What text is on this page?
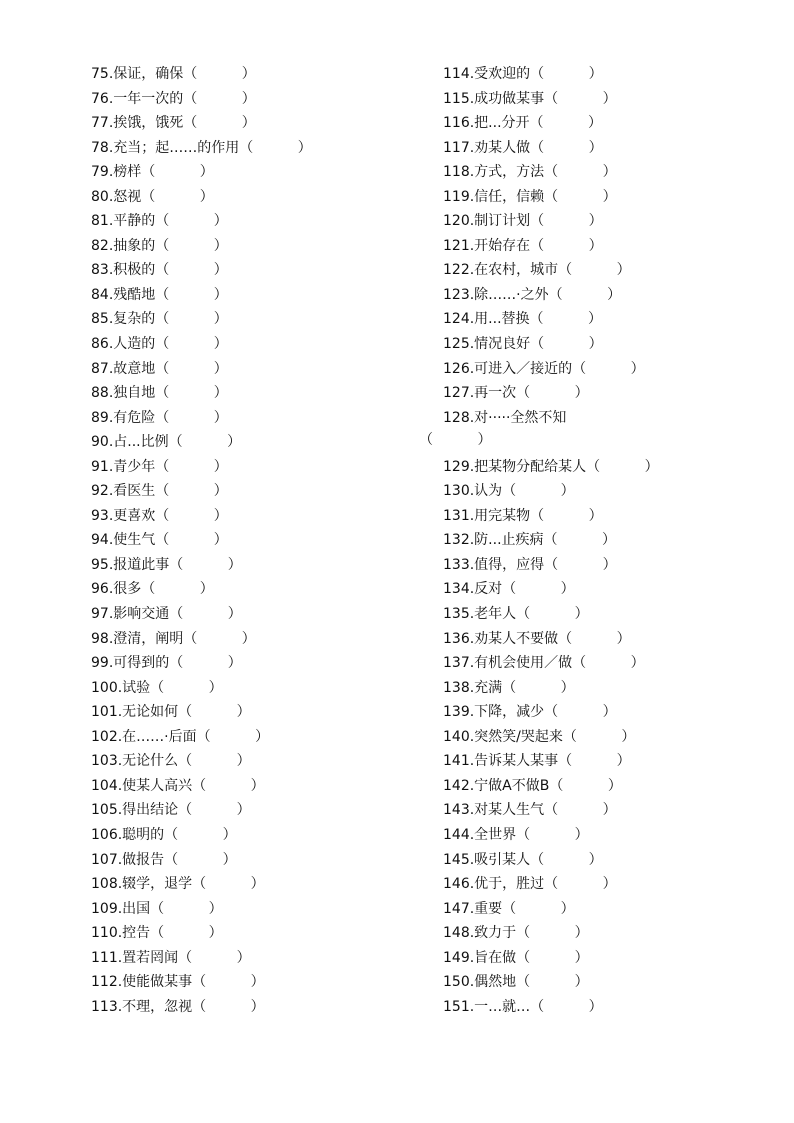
75.保证，确保（          ）
76.一年一次的（          ）
77.挨饿，饿死（          ）
78.充当；起……的作用（          ）
79.榜样（          ）
80.怒视（          ）
81.平静的（          ）
82.抽象的（          ）
83.积极的（          ）
84.残酷地（          ）
85.复杂的（          ）
86.人造的（          ）
87.故意地（          ）
88.独自地（          ）
89.有危险（          ）
90.占...比例（          ）
91.青少年（          ）
92.看医生（          ）
93.更喜欢（          ）
94.使生气（          ）
95.报道此事（          ）
96.很多（          ）
97.影响交通（          ）
98.澄清，阐明（          ）
99.可得到的（          ）
100.试验（          ）
101.无论如何（          ）
102.在……·后面（          ）
103.无论什么（          ）
104.使某人高兴（          ）
105.得出结论（          ）
106.聪明的（          ）
107.做报告（          ）
108.辍学，退学（          ）
109.出国（          ）
110.控告（          ）
111.置若罔闻（          ）
112.使能做某事（          ）
113.不理，忽视（          ）
114.受欢迎的（          ）
115.成功做某事（          ）
116.把...分开（          ）
117.劝某人做（          ）
118.方式，方法（          ）
119.信任，信赖（          ）
120.制订计划（          ）
121.开始存在（          ）
122.在农村，城市（          ）
123.除……·之外（          ）
124.用...替换（          ）
125.情况良好（          ）
126.可进入／接近的（          ）
127.再一次（          ）
128.对·····全然不知
129.把某物分配给某人（          ）
130.认为（          ）
131.用完某物（          ）
132.防...止疾病（          ）
133.值得，应得（          ）
134.反对（          ）
135.老年人（          ）
136.劝某人不要做（          ）
137.有机会使用／做（          ）
138.充满（          ）
139.下降，减少（          ）
140.突然笑/哭起来（          ）
141.告诉某人某事（          ）
142.宁做A不做B（          ）
143.对某人生气（          ）
144.全世界（          ）
145.吸引某人（          ）
146.优于，胜过（          ）
147.重要（          ）
148.致力于（          ）
149.旨在做（          ）
150.偶然地（          ）
151.一…就…（          ）
（          ）
